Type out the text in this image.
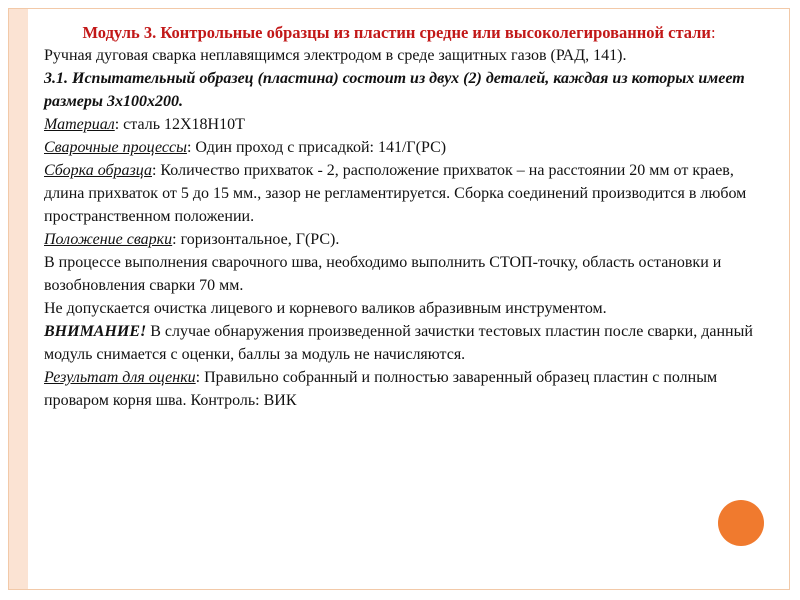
Модуль 3. Контрольные образцы из пластин средне или высоколегированной стали:

Ручная дуговая сварка неплавящимся электродом в среде защитных газов (РАД, 141).

3.1. Испытательный образец (пластина) состоит из двух (2) деталей, каждая из которых имеет размеры 3х100х200.

Материал: сталь 12Х18Н10Т

Сварочные процессы: Один проход с присадкой: 141/Г(РС)

Сборка образца: Количество прихваток - 2, расположение прихваток – на расстоянии 20 мм от краев, длина прихваток от 5 до 15 мм., зазор не регламентируется. Сборка соединений производится в любом пространственном положении.

Положение сварки: горизонтальное, Г(РС).

В процессе выполнения сварочного шва, необходимо выполнить СТОП-точку, область остановки и возобновления сварки 70 мм.

Не допускается очистка лицевого и корневого валиков абразивным инструментом.

ВНИМАНИЕ! В случае обнаружения произведенной зачистки тестовых пластин после сварки, данный модуль снимается с оценки, баллы за модуль не начисляются.

Результат для оценки: Правильно собранный и полностью заваренный образец пластин с полным проваром корня шва. Контроль: ВИК
